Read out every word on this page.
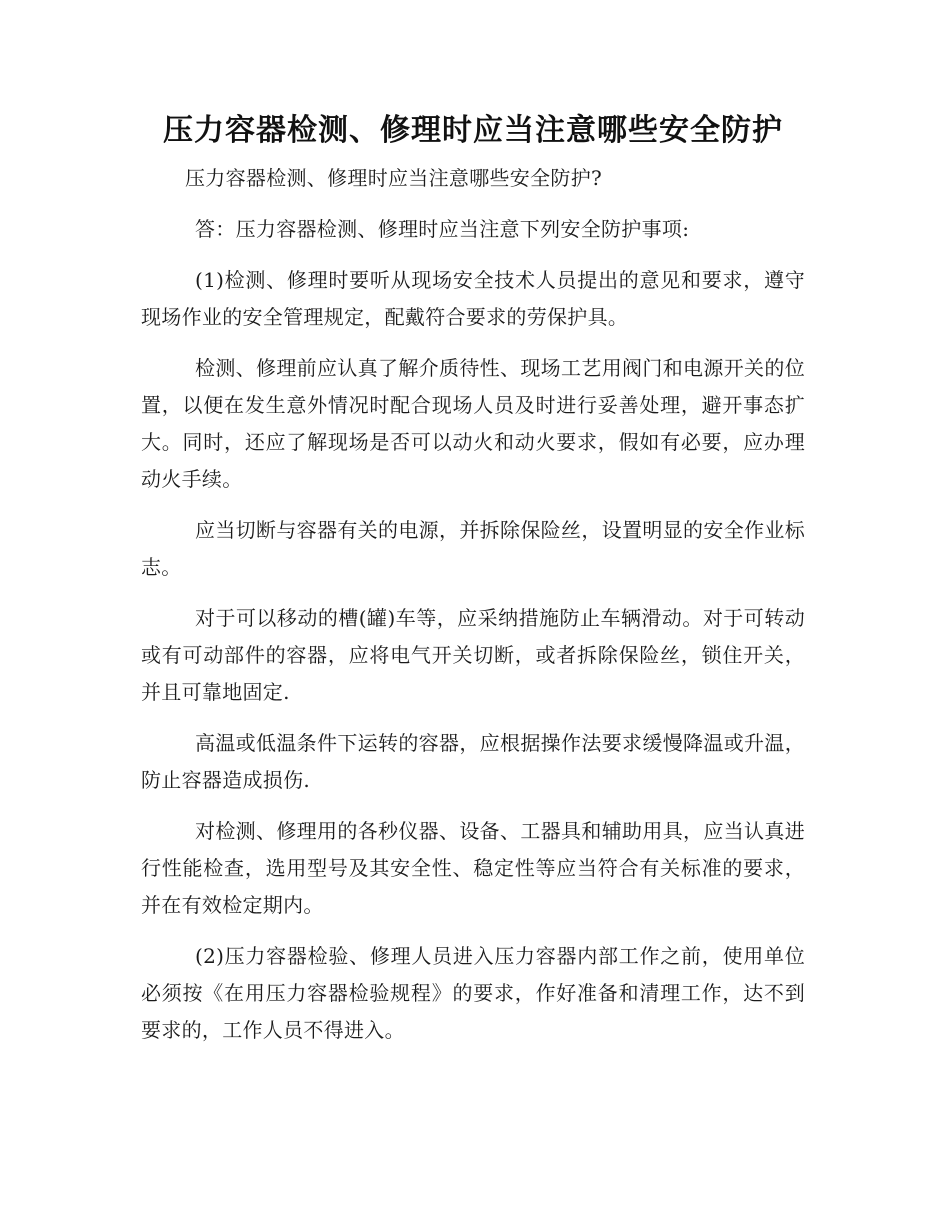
压力容器检测、修理时应当注意哪些安全防护

压力容器检测、修理时应当注意哪些安全防护?

答：压力容器检测、修理时应当注意下列安全防护事项:

(1)检测、修理时要听从现场安全技术人员提出的意见和要求，遵守现场作业的安全管理规定，配戴符合要求的劳保护具。

检测、修理前应认真了解介质待性、现场工艺用阀门和电源开关的位置，以便在发生意外情况时配合现场人员及时进行妥善处理，避开事态扩大。同时，还应了解现场是否可以动火和动火要求，假如有必要，应办理动火手续。

应当切断与容器有关的电源，并拆除保险丝，设置明显的安全作业标志。

对于可以移动的槽(罐)车等，应采纳措施防止车辆滑动。对于可转动或有可动部件的容器，应将电气开关切断，或者拆除保险丝，锁住开关，并且可靠地固定.

高温或低温条件下运转的容器，应根据操作法要求缓慢降温或升温，防止容器造成损伤.

对检测、修理用的各秒仪器、设备、工器具和辅助用具，应当认真进行性能检查，选用型号及其安全性、稳定性等应当符合有关标准的要求，并在有效检定期内。

(2)压力容器检验、修理人员进入压力容器内部工作之前，使用单位必须按《在用压力容器检验规程》的要求，作好准备和清理工作，达不到要求的，工作人员不得进入。
